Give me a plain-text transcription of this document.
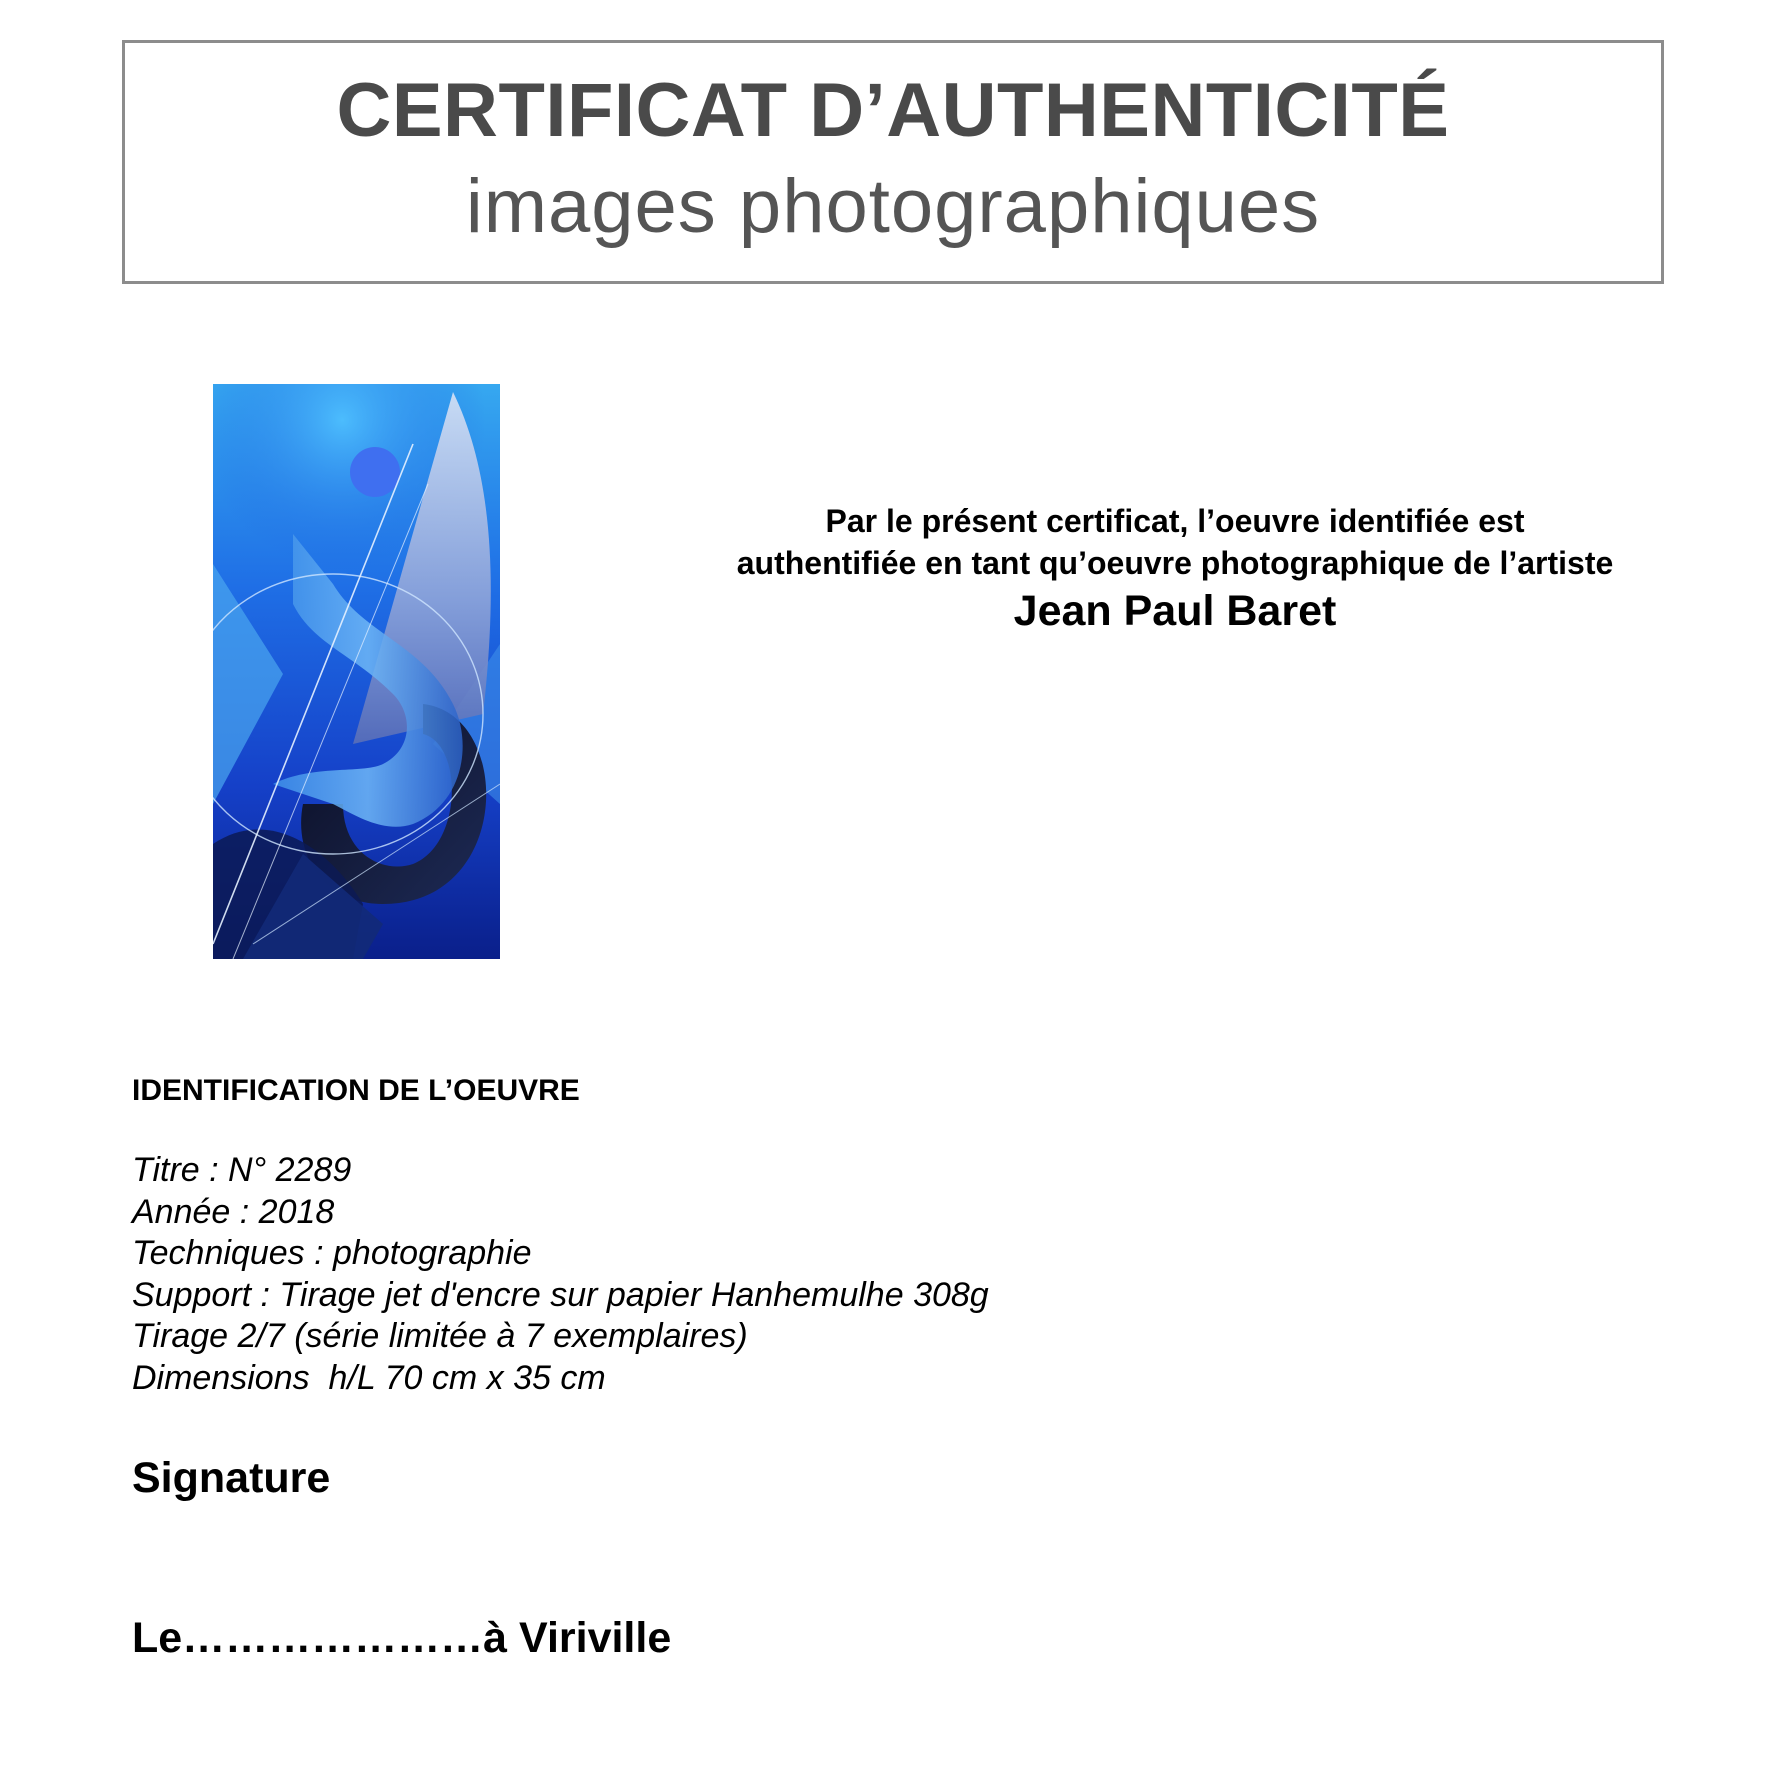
CERTIFICAT D’AUTHENTICITÉ
images photographiques
Par le présent certificat, l’oeuvre identifiée est
authentifiée en tant qu’oeuvre photographique de l’artiste
Jean Paul Baret
IDENTIFICATION DE L’OEUVRE
Titre : N° 2289
Année : 2018
Techniques : photographie
Support : Tirage jet d'encre sur papier Hanhemulhe 308g
Tirage 2/7 (série limitée à 7 exemplaires)
Dimensions  h/L 70 cm x 35 cm
Signature
Le…………………à Viriville
